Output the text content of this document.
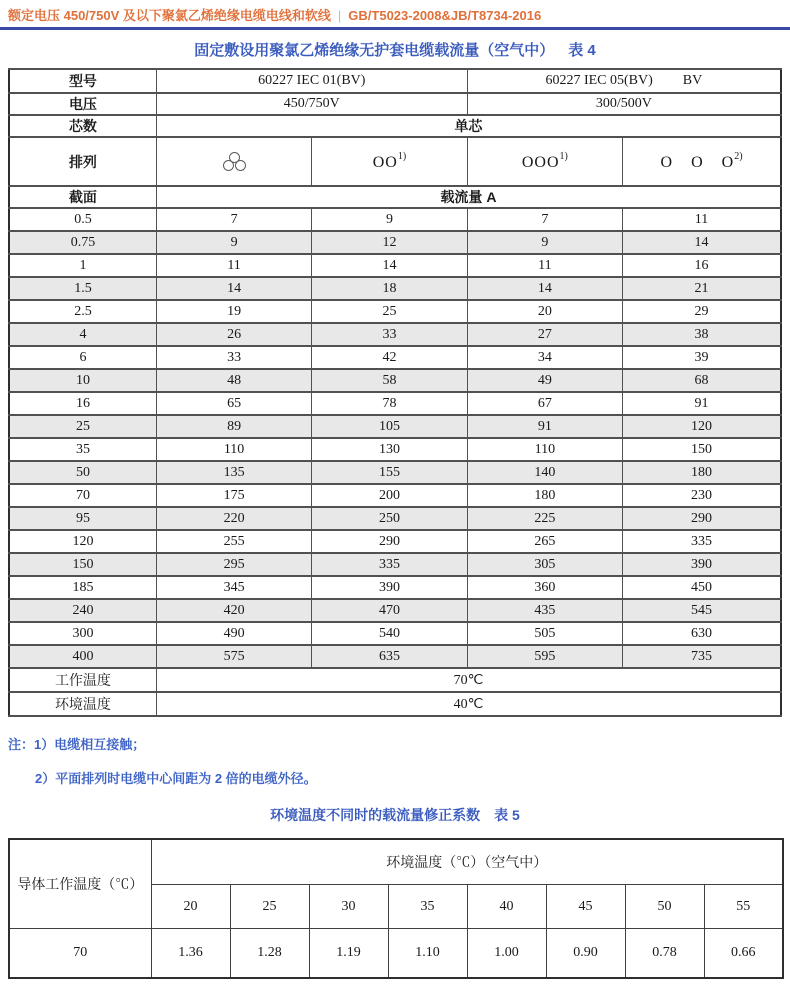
额定电压 450/750V 及以下聚氯乙烯绝缘电缆电线和软线 | GB/T5023-2008&JB/T8734-2016
固定敷设用聚氯乙烯绝缘无护套电缆载流量（空气中） 表 4
型号	60227 IEC 01(BV)		60227 IEC 05(BV) BV	
电压	450/750V		300/500V	
芯数	单芯			
排列		OO$^{1)}$	OOO$^{1)}$	O O $O^{2)}$
截面	载流量 A			
0.5	7	9	7	11
0.75	9	12	9	14
1	11	14	11	16
1.5	14	18	14	21
2.5	19	25	20	29
4	26	33	27	38
6	33	42	34	39
10	48	58	49	68
16	65	78	67	91
25	89	105	91	120
35	110	130	110	150
50	135	155	140	180
70	175	200	180	230
95	220	250	225	290
120	255	290	265	335
150	295	335	305	390
185	345	390	360	450
240	420	470	435	545
300	490	540	505	630
400	575	635	595	735
工作温度	70℃			
环境温度	40℃			
注：1）电缆相互接触；
2）平面排列时电缆中心间距为 2 倍的电缆外径。
环境温度不同时的载流量修正系数 表 5
导体工作温度（℃）	环境温度（℃）（空气中）							
	20	25	30	35	40	45	50	55
70	1.36	1.28	1.19	1.10	1.00	0.90	0.78	0.66
